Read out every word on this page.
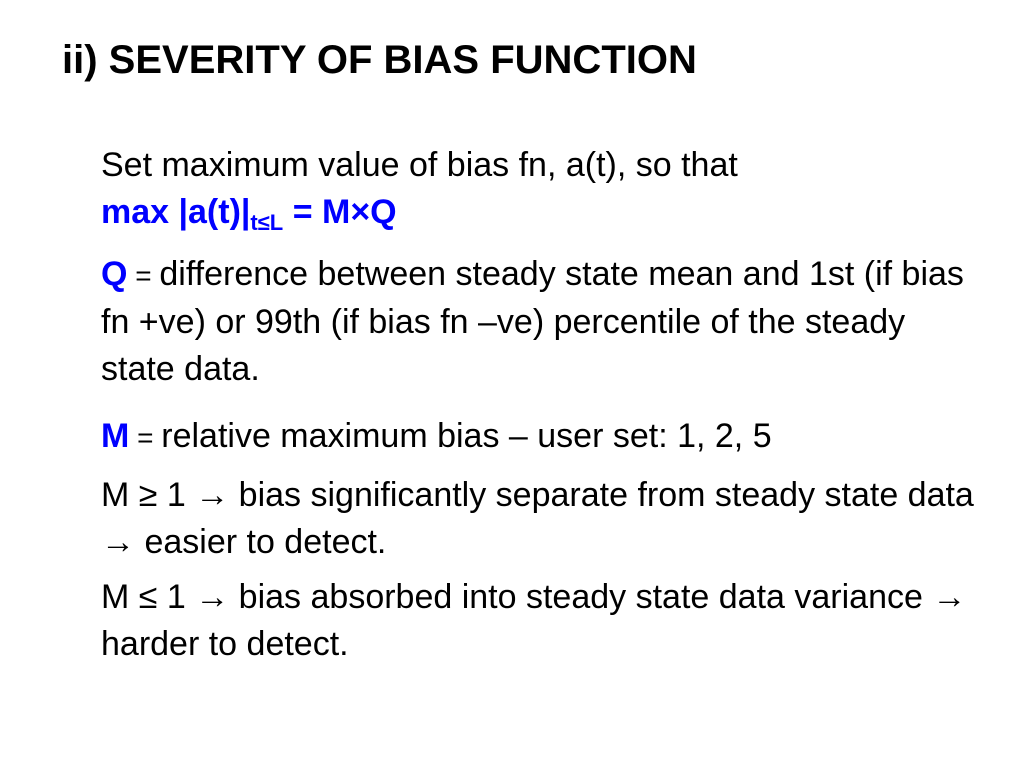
ii) SEVERITY OF BIAS FUNCTION

Set maximum value of bias fn, a(t), so that
$\max |a(t)|_{t\le L} = M\times Q$

Q = difference between steady state mean and 1st (if bias fn +ve) or 99th (if bias fn –ve) percentile of the steady state data.

M = relative maximum bias – user set: 1, 2, 5

M ≥ 1 → bias significantly separate from steady state data → easier to detect.

M ≤ 1 → bias absorbed into steady state data variance → harder to detect.
